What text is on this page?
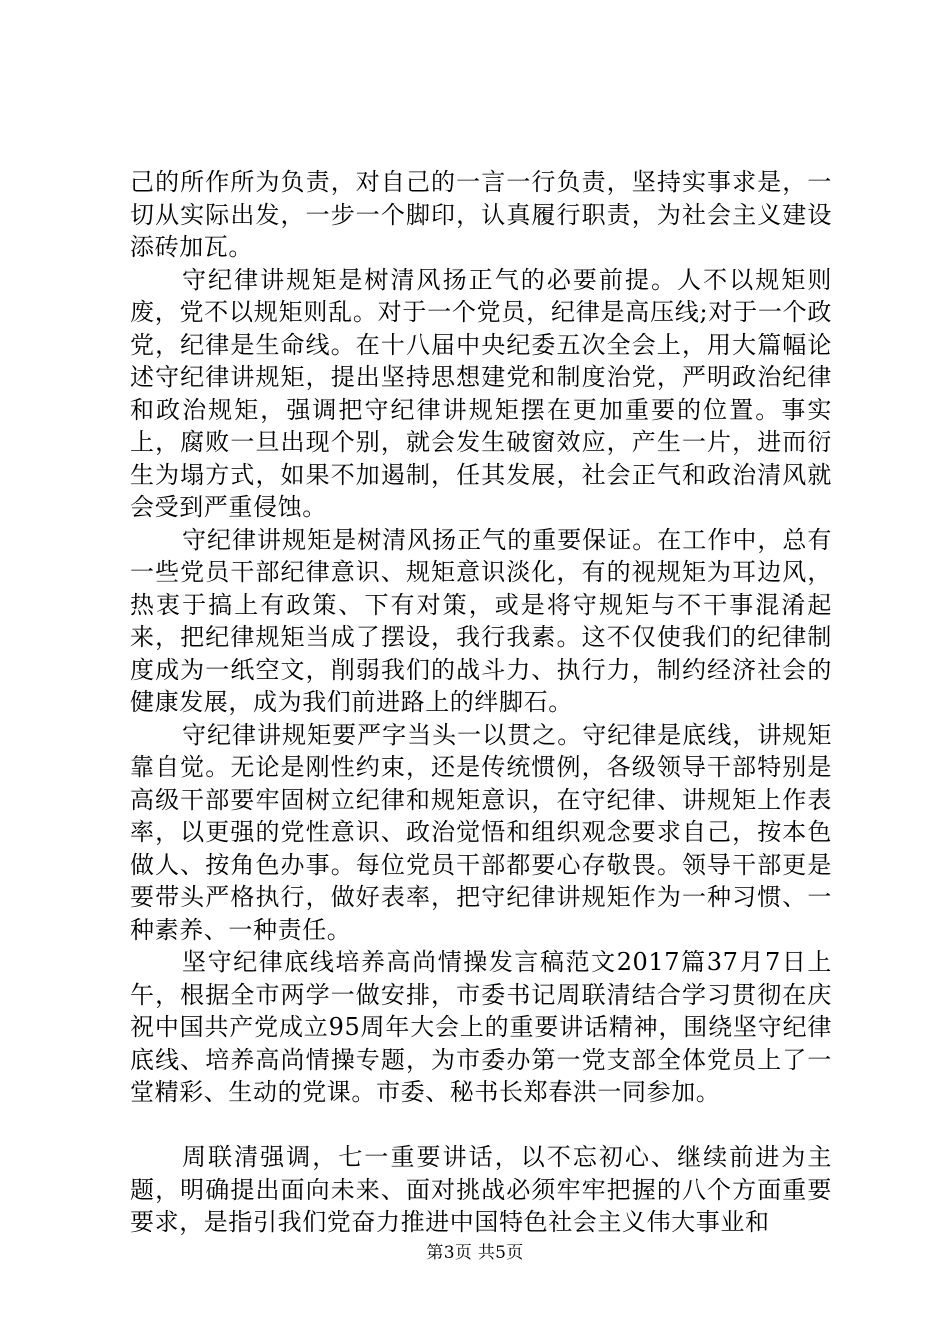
己的所作所为负责，对自己的一言一行负责，坚持实事求是，一切从实际出发，一步一个脚印，认真履行职责，为社会主义建设添砖加瓦。

守纪律讲规矩是树清风扬正气的必要前提。人不以规矩则废，党不以规矩则乱。对于一个党员，纪律是高压线;对于一个政党，纪律是生命线。在十八届中央纪委五次全会上，用大篇幅论述守纪律讲规矩，提出坚持思想建党和制度治党，严明政治纪律和政治规矩，强调把守纪律讲规矩摆在更加重要的位置。事实上，腐败一旦出现个别，就会发生破窗效应，产生一片，进而衍生为塌方式，如果不加遏制，任其发展，社会正气和政治清风就会受到严重侵蚀。

守纪律讲规矩是树清风扬正气的重要保证。在工作中，总有一些党员干部纪律意识、规矩意识淡化，有的视规矩为耳边风，热衷于搞上有政策、下有对策，或是将守规矩与不干事混淆起来，把纪律规矩当成了摆设，我行我素。这不仅使我们的纪律制度成为一纸空文，削弱我们的战斗力、执行力，制约经济社会的健康发展，成为我们前进路上的绊脚石。

守纪律讲规矩要严字当头一以贯之。守纪律是底线，讲规矩靠自觉。无论是刚性约束，还是传统惯例，各级领导干部特别是高级干部要牢固树立纪律和规矩意识，在守纪律、讲规矩上作表率，以更强的党性意识、政治觉悟和组织观念要求自己，按本色做人、按角色办事。每位党员干部都要心存敬畏。领导干部更是要带头严格执行，做好表率，把守纪律讲规矩作为一种习惯、一种素养、一种责任。

坚守纪律底线培养高尚情操发言稿范文2017篇37月7日上午，根据全市两学一做安排，市委书记周联清结合学习贯彻在庆祝中国共产党成立95周年大会上的重要讲话精神，围绕坚守纪律底线、培养高尚情操专题，为市委办第一党支部全体党员上了一堂精彩、生动的党课。市委、秘书长郑春洪一同参加。

周联清强调，七一重要讲话，以不忘初心、继续前进为主题，明确提出面向未来、面对挑战必须牢牢把握的八个方面重要要求，是指引我们党奋力推进中国特色社会主义伟大事业和

第3页 共5页
